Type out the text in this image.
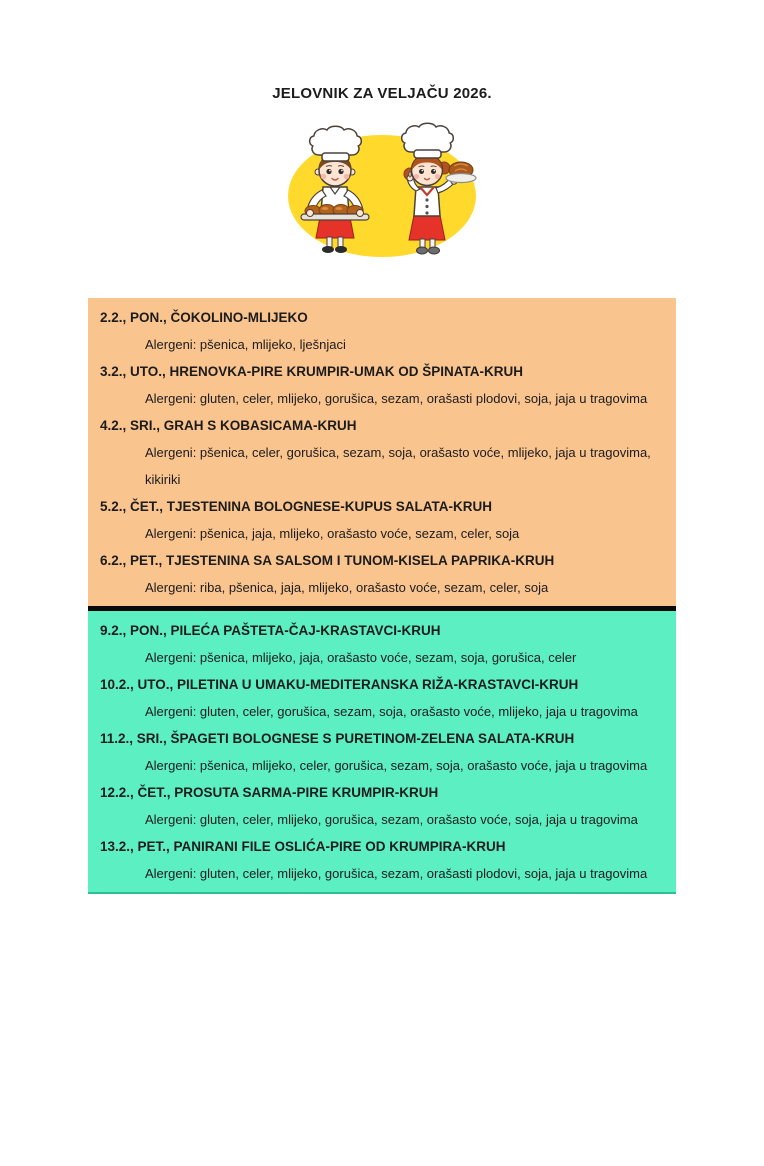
JELOVNIK ZA VELJAČU 2026.

2.2., PON., ČOKOLINO-MLIJEKO

Alergeni: pšenica, mlijeko, lješnjaci

3.2., UTO., HRENOVKA-PIRE KRUMPIR-UMAK OD ŠPINATA-KRUH

Alergeni: gluten, celer, mlijeko, gorušica, sezam, orašasti plodovi, soja, jaja u tragovima

4.2., SRI., GRAH S KOBASICAMA-KRUH

Alergeni: pšenica, celer, gorušica, sezam, soja, orašasto voće, mlijeko, jaja u tragovima, kikiriki

5.2., ČET., TJESTENINA BOLOGNESE-KUPUS SALATA-KRUH

Alergeni: pšenica, jaja, mlijeko, orašasto voće, sezam, celer, soja

6.2., PET., TJESTENINA SA SALSOM I TUNOM-KISELA PAPRIKA-KRUH

Alergeni: riba, pšenica, jaja, mlijeko, orašasto voće, sezam, celer, soja

9.2., PON., PILEĆA PAŠTETA-ČAJ-KRASTAVCI-KRUH

Alergeni: pšenica, mlijeko, jaja, orašasto voće, sezam, soja, gorušica, celer

10.2., UTO., PILETINA U UMAKU-MEDITERANSKA RIŽA-KRASTAVCI-KRUH

Alergeni: gluten, celer, gorušica, sezam, soja, orašasto voće, mlijeko, jaja u tragovima

11.2., SRI., ŠPAGETI BOLOGNESE S PURETINOM-ZELENA SALATA-KRUH

Alergeni: pšenica, mlijeko, celer, gorušica, sezam, soja, orašasto voće, jaja u tragovima

12.2., ČET., PROSUTA SARMA-PIRE KRUMPIR-KRUH

Alergeni: gluten, celer, mlijeko, gorušica, sezam, orašasto voće, soja, jaja u tragovima

13.2., PET., PANIRANI FILE OSLIĆA-PIRE OD KRUMPIRA-KRUH

Alergeni: gluten, celer, mlijeko, gorušica, sezam, orašasti plodovi, soja, jaja u tragovima
